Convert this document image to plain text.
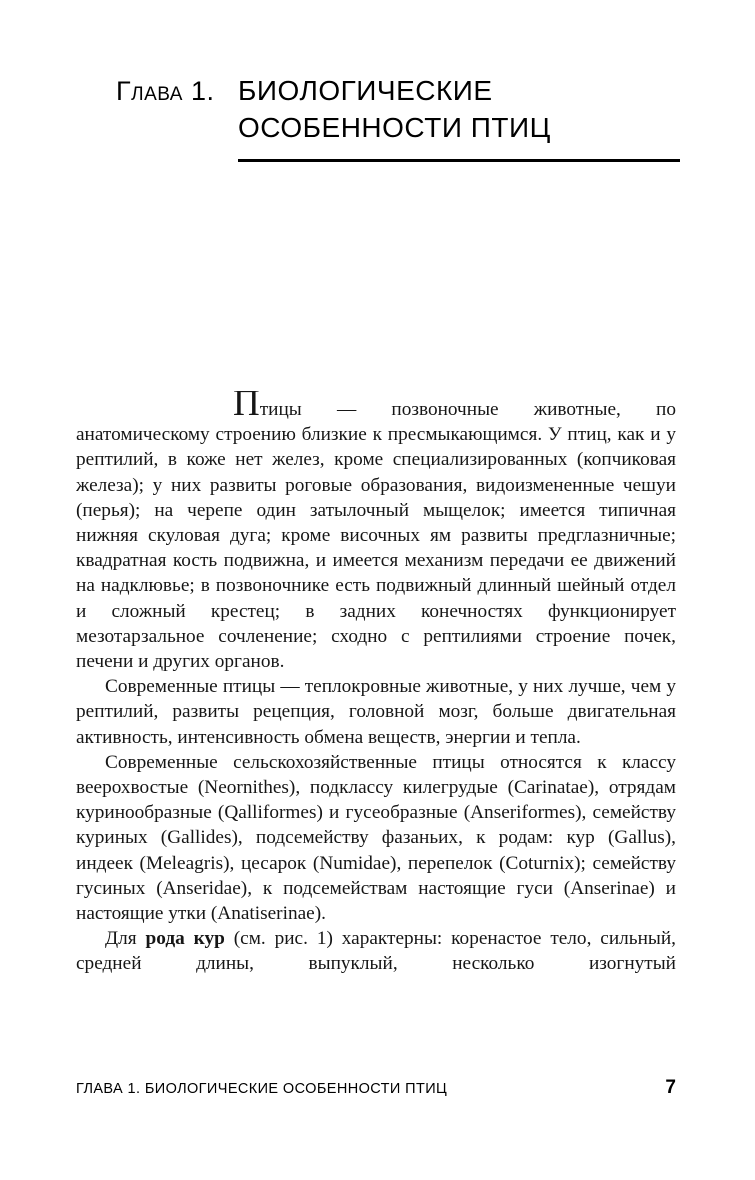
Глава 1. БИОЛОГИЧЕСКИЕ
ОСОБЕННОСТИ ПТИЦ

Птицы — позвоночные животные, по анатомическому строению близкие к пресмыкающимся. У птиц, как и у рептилий, в коже нет желез, кроме специализированных (копчиковая железа); у них развиты роговые образования, видоизмененные чешуи (перья); на черепе один затылочный мыщелок; имеется типичная нижняя скуловая дуга; кроме височных ям развиты предглазничные; квадратная кость подвижна, и имеется механизм передачи ее движений на надклювье; в позвоночнике есть подвижный длинный шейный отдел и сложный крестец; в задних конечностях функционирует мезотарзальное сочленение; сходно с рептилиями строение почек, печени и других органов.

Современные птицы — теплокровные животные, у них лучше, чем у рептилий, развиты рецепция, головной мозг, больше двигательная активность, интенсивность обмена веществ, энергии и тепла.

Современные сельскохозяйственные птицы относятся к классу веерохвостые (Neornithes), подклассу килегрудые (Carinatae), отрядам куринообразные (Qalliformes) и гусеобразные (Anseriformes), семейству куриных (Gallides), подсемейству фазаньих, к родам: кур (Gallus), индеек (Meleagris), цесарок (Numidae), перепелок (Coturnix); семейству гусиных (Anseridae), к подсемействам настоящие гуси (Anserinae) и настоящие утки (Anatiserinae).

Для рода кур (см. рис. 1) характерны: коренастое тело, сильный, средней длины, выпуклый, несколько изогнутый

ГЛАВА 1. БИОЛОГИЧЕСКИЕ ОСОБЕННОСТИ ПТИЦ	7
